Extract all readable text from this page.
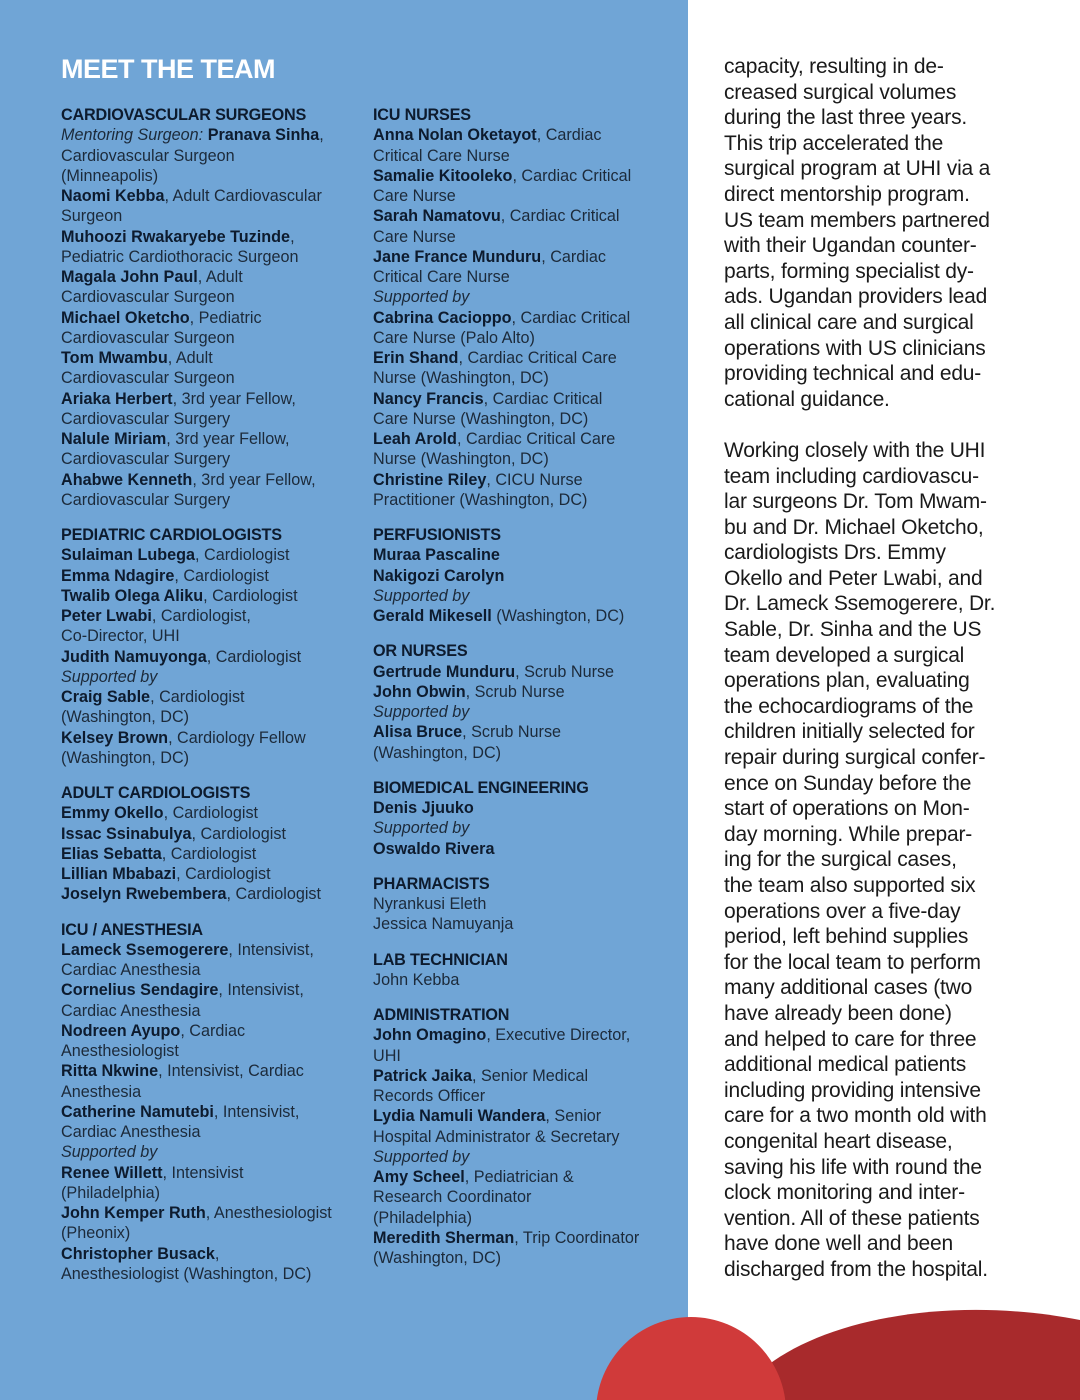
MEET THE TEAM
CARDIOVASCULAR SURGEONS
Mentoring Surgeon: Pranava Sinha,
Cardiovascular Surgeon
(Minneapolis)
Naomi Kebba, Adult Cardiovascular
Surgeon
Muhoozi Rwakaryebe Tuzinde,
Pediatric Cardiothoracic Surgeon
Magala John Paul, Adult
Cardiovascular Surgeon
Michael Oketcho, Pediatric
Cardiovascular Surgeon
Tom Mwambu, Adult
Cardiovascular Surgeon
Ariaka Herbert, 3rd year Fellow,
Cardiovascular Surgery
Nalule Miriam, 3rd year Fellow,
Cardiovascular Surgery
Ahabwe Kenneth, 3rd year Fellow,
Cardiovascular Surgery
PEDIATRIC CARDIOLOGISTS
Sulaiman Lubega, Cardiologist
Emma Ndagire, Cardiologist
Twalib Olega Aliku, Cardiologist
Peter Lwabi, Cardiologist,
Co-Director, UHI
Judith Namuyonga, Cardiologist
Supported by
Craig Sable, Cardiologist
(Washington, DC)
Kelsey Brown, Cardiology Fellow
(Washington, DC)
ADULT CARDIOLOGISTS
Emmy Okello, Cardiologist
Issac Ssinabulya, Cardiologist
Elias Sebatta, Cardiologist
Lillian Mbabazi, Cardiologist
Joselyn Rwebembera, Cardiologist
ICU / ANESTHESIA
Lameck Ssemogerere, Intensivist,
Cardiac Anesthesia
Cornelius Sendagire, Intensivist,
Cardiac Anesthesia
Nodreen Ayupo, Cardiac
Anesthesiologist
Ritta Nkwine, Intensivist, Cardiac
Anesthesia
Catherine Namutebi, Intensivist,
Cardiac Anesthesia
Supported by
Renee Willett, Intensivist
(Philadelphia)
John Kemper Ruth, Anesthesiologist
(Pheonix)
Christopher Busack,
Anesthesiologist (Washington, DC)
ICU NURSES
Anna Nolan Oketayot, Cardiac
Critical Care Nurse
Samalie Kitooleko, Cardiac Critical
Care Nurse
Sarah Namatovu, Cardiac Critical
Care Nurse
Jane France Munduru, Cardiac
Critical Care Nurse
Supported by
Cabrina Cacioppo, Cardiac Critical
Care Nurse (Palo Alto)
Erin Shand, Cardiac Critical Care
Nurse (Washington, DC)
Nancy Francis, Cardiac Critical
Care Nurse (Washington, DC)
Leah Arold, Cardiac Critical Care
Nurse (Washington, DC)
Christine Riley, CICU Nurse
Practitioner (Washington, DC)
PERFUSIONISTS
Muraa Pascaline
Nakigozi Carolyn
Supported by
Gerald Mikesell (Washington, DC)
OR NURSES
Gertrude Munduru, Scrub Nurse
John Obwin, Scrub Nurse
Supported by
Alisa Bruce, Scrub Nurse
(Washington, DC)
BIOMEDICAL ENGINEERING
Denis Jjuuko
Supported by
Oswaldo Rivera
PHARMACISTS
Nyrankusi Eleth
Jessica Namuyanja
LAB TECHNICIAN
John Kebba
ADMINISTRATION
John Omagino, Executive Director,
UHI
Patrick Jaika, Senior Medical
Records Officer
Lydia Namuli Wandera, Senior
Hospital Administrator & Secretary
Supported by
Amy Scheel, Pediatrician &
Research Coordinator
(Philadelphia)
Meredith Sherman, Trip Coordinator
(Washington, DC)
capacity, resulting in de-
creased surgical volumes
during the last three years.
This trip accelerated the
surgical program at UHI via a
direct mentorship program.
US team members partnered
with their Ugandan counter-
parts, forming specialist dy-
ads. Ugandan providers lead
all clinical care and surgical
operations with US clinicians
providing technical and edu-
cational guidance.
Working closely with the UHI
team including cardiovascu-
lar surgeons Dr. Tom Mwam-
bu and Dr. Michael Oketcho,
cardiologists Drs. Emmy
Okello and Peter Lwabi, and
Dr. Lameck Ssemogerere, Dr.
Sable, Dr. Sinha and the US
team developed a surgical
operations plan, evaluating
the echocardiograms of the
children initially selected for
repair during surgical confer-
ence on Sunday before the
start of operations on Mon-
day morning. While prepar-
ing for the surgical cases,
the team also supported six
operations over a five-day
period, left behind supplies
for the local team to perform
many additional cases (two
have already been done)
and helped to care for three
additional medical patients
including providing intensive
care for a two month old with
congenital heart disease,
saving his life with round the
clock monitoring and inter-
vention. All of these patients
have done well and been
discharged from the hospital.
